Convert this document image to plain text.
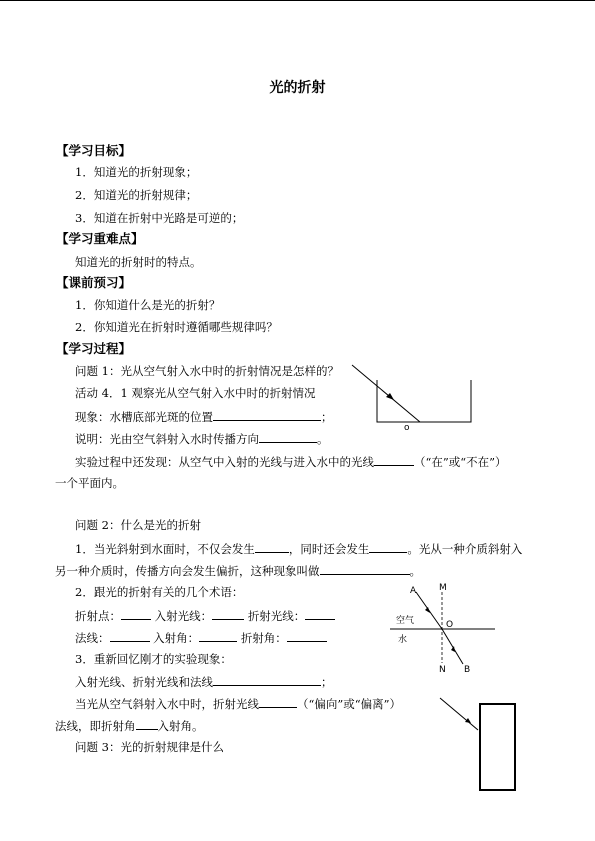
光的折射
【学习目标】
1．知道光的折射现象；
2．知道光的折射规律；
3．知道在折射中光路是可逆的；
【学习重难点】
知道光的折射时的特点。
【课前预习】
1．你知道什么是光的折射？
2．你知道光在折射时遵循哪些规律吗？
【学习过程】
问题 1：光从空气射入水中时的折射情况是怎样的？
活动 4．1 观察光从空气射入水中时的折射情况
现象：水槽底部光斑的位置	；
说明：光由空气斜射入水时传播方向	。
实验过程中还发现：从空气中入射的光线与进入水中的光线	（“在”或“不在”）
一个平面内。
o
问题 2：什么是光的折射
1．当光斜射到水面时，不仅会发生	，同时还会发生	。光从一种介质斜射入
另一种介质时，传播方向会发生偏折，这种现象叫做	。
2．跟光的折射有关的几个术语：
折射点：	入射光线：	折射光线：
法线：	入射角：	折射角：
3．重新回忆刚才的实验现象：
入射光线、折射光线和法线	；
当光从空气斜射入水中时，折射光线	（“偏向”或“偏离”）
法线，即折射角 入射角。
问题 3：光的折射规律是什么
M
A
空气	O
水
N B
